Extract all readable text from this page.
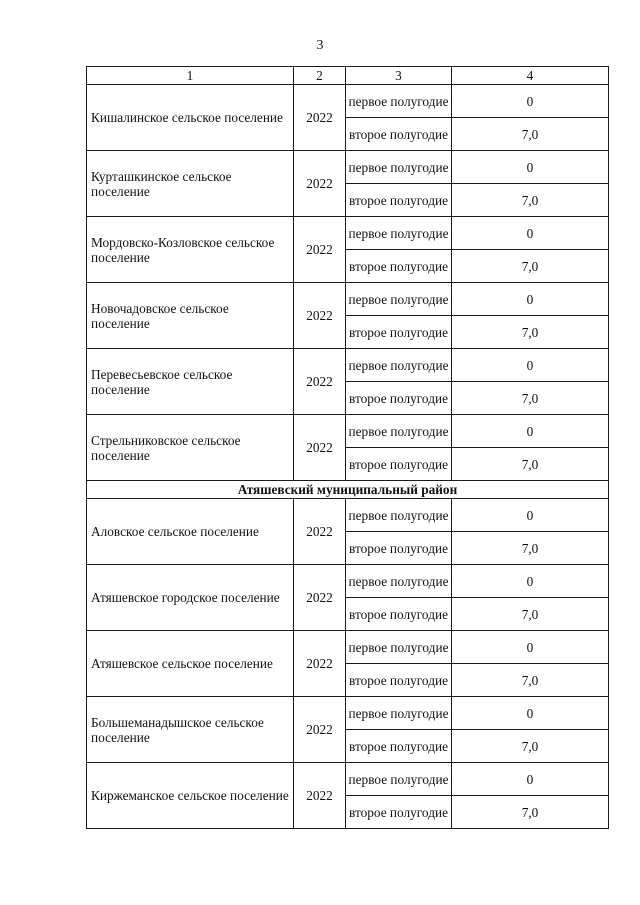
3
1	2	3	4
Кишалинское сельское поселение	2022	первое полугодие	0
		второе полугодие	7,0
Курташкинское сельское поселение	2022	первое полугодие	0
		второе полугодие	7,0
Мордовско-Козловское сельское поселение	2022	первое полугодие	0
		второе полугодие	7,0
Новочадовское сельское поселение	2022	первое полугодие	0
		второе полугодие	7,0
Перевесьевское сельское поселение	2022	первое полугодие	0
		второе полугодие	7,0
Стрельниковское сельское поселение	2022	первое полугодие	0
		второе полугодие	7,0
Атяшевский муниципальный район			
Аловское сельское поселение	2022	первое полугодие	0
		второе полугодие	7,0
Атяшевское городское поселение	2022	первое полугодие	0
		второе полугодие	7,0
Атяшевское сельское поселение	2022	первое полугодие	0
		второе полугодие	7,0
Большеманадышское сельское поселение	2022	первое полугодие	0
		второе полугодие	7,0
Киржеманское сельское поселение	2022	первое полугодие	0
		второе полугодие	7,0
